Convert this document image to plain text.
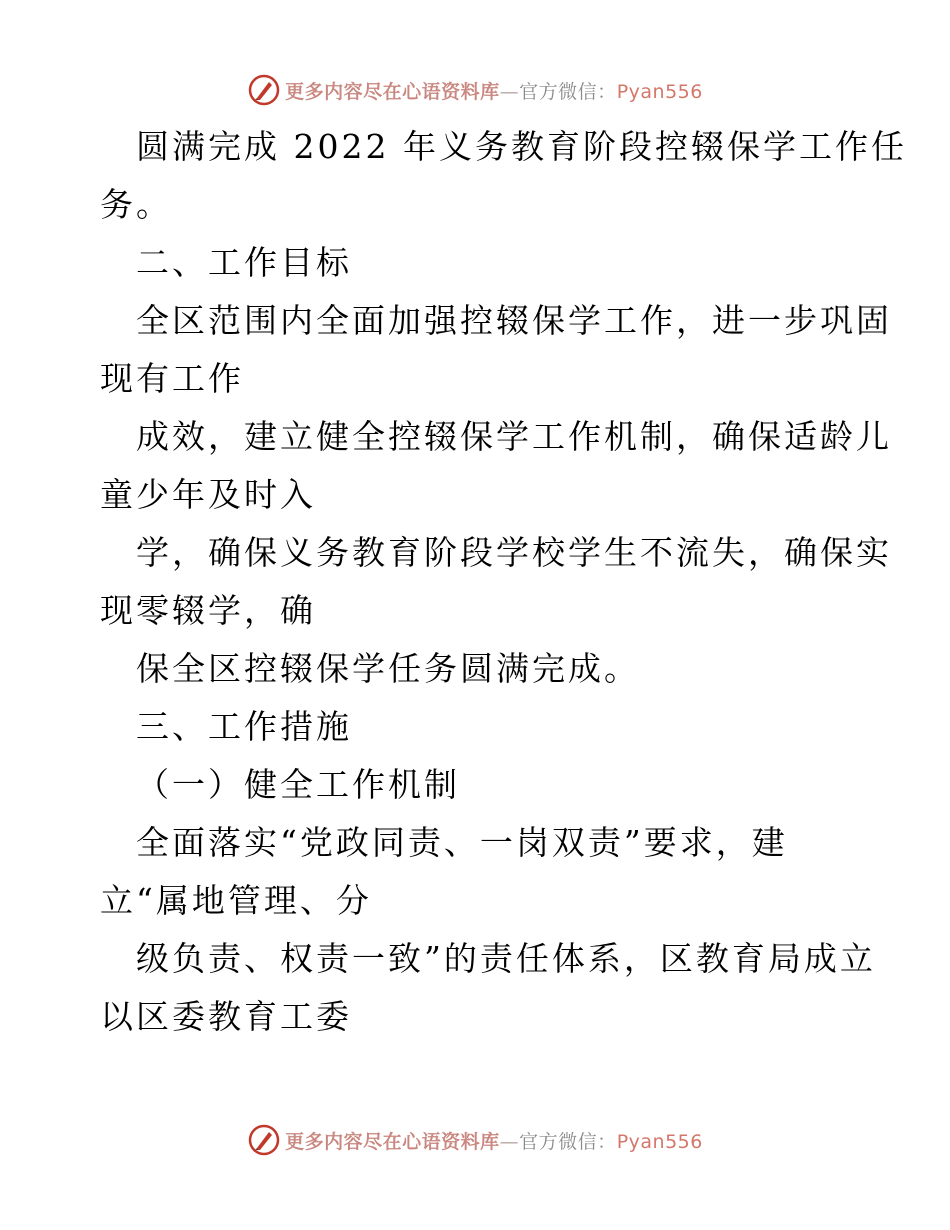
更多内容尽在心语资料库—官方微信：Pyan556
圆满完成 2022 年义务教育阶段控辍保学工作任
务。
二、工作目标
全区范围内全面加强控辍保学工作，进一步巩固
现有工作
成效，建立健全控辍保学工作机制，确保适龄儿
童少年及时入
学，确保义务教育阶段学校学生不流失，确保实
现零辍学，确
保全区控辍保学任务圆满完成。
三、工作措施
（一）健全工作机制
全面落实“党政同责、一岗双责”要求，建
立“属地管理、分
级负责、权责一致”的责任体系，区教育局成立
以区委教育工委
更多内容尽在心语资料库—官方微信：Pyan556
